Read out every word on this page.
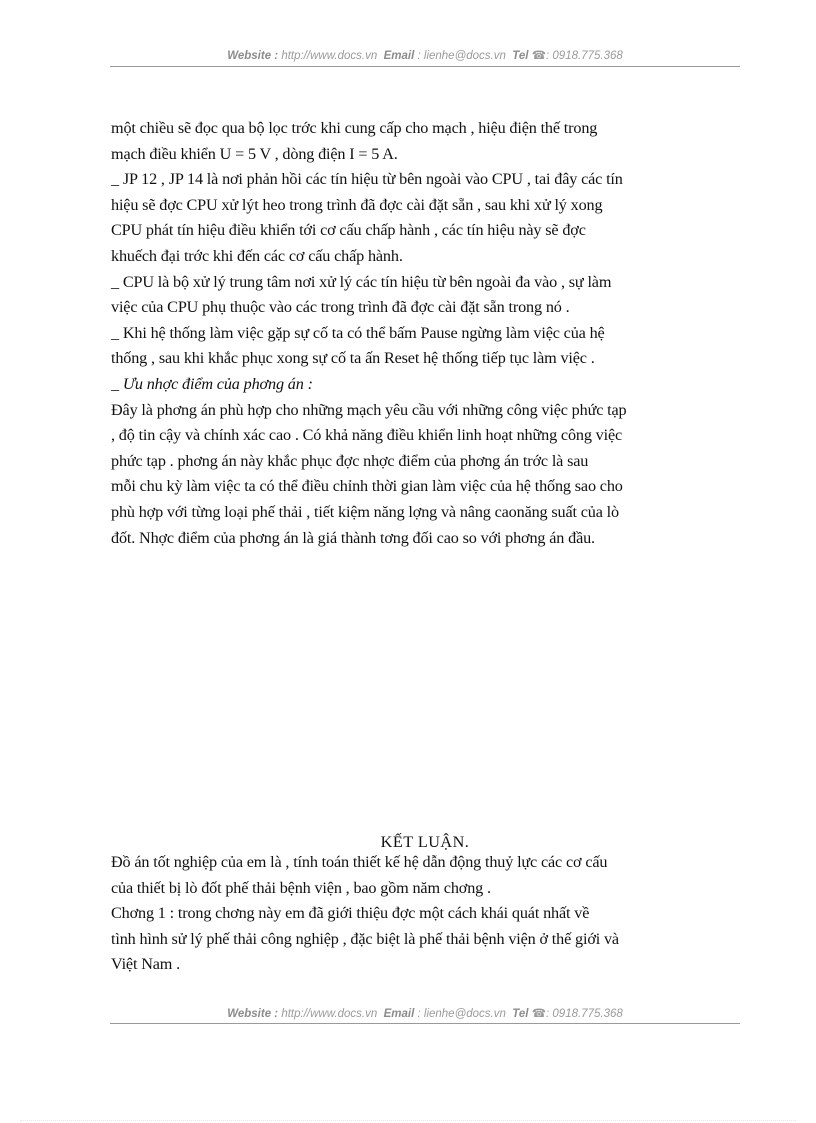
Website : http://www.docs.vn Email : lienhe@docs.vn Tel ☎: 0918.775.368

một chiều sẽ đọc qua bộ lọc trớc khi cung cấp cho mạch , hiệu điện thế trong

mạch điều khiển U = 5 V , dòng điện I = 5 A.

_ JP 12 , JP 14 là nơi phản hồi các tín hiệu từ bên ngoài vào CPU , tai đây các tín

hiệu sẽ đợc CPU xử lýt heo trong trình đã đợc cài đặt sẵn , sau khi xử lý xong

CPU phát tín hiệu điều khiển tới cơ cấu chấp hành , các tín hiệu này sẽ đợc

khuếch đại trớc khi đến các cơ cấu chấp hành.

_ CPU là bộ xử lý trung tâm nơi xử lý các tín hiệu từ bên ngoài đa vào , sự làm

việc của CPU phụ thuộc vào các trong trình đã đợc cài đặt sẵn trong nó .

_ Khi hệ thống làm việc gặp sự cố ta có thể bấm Pause ngừng làm việc của hệ

thống , sau khi khắc phục xong sự cố ta ấn Reset hệ thống tiếp tục làm việc .

_ Ưu nhợc điểm của phơng án :

Đây là phơng án phù hợp cho những mạch yêu cầu với những công việc phức tạp

, độ tin cậy và chính xác cao . Có khả năng điều khiển linh hoạt những công việc

phức tạp . phơng án này khắc phục đợc nhợc điểm của phơng án trớc là sau

mỗi chu kỳ làm việc ta có thể điều chỉnh thời gian làm việc của hệ thống sao cho

phù hợp với từng loại phế thải , tiết kiệm năng lợng và nâng caonăng suất của lò

đốt. Nhợc điểm của phơng án là giá thành tơng đối cao so với phơng án đầu.

KẾT LUẬN.

Đồ án tốt nghiệp của em là , tính toán thiết kế hệ dẫn động thuỷ lực các cơ cấu

của thiết bị lò đốt phế thải bệnh viện , bao gồm năm chơng .

Chơng 1 : trong chơng này em đã giới thiệu đợc một cách khái quát nhất về

tình hình sử lý phế thải công nghiệp , đặc biệt là phế thải bệnh viện ở thế giới và

Việt Nam .

Website : http://www.docs.vn Email : lienhe@docs.vn Tel ☎: 0918.775.368
